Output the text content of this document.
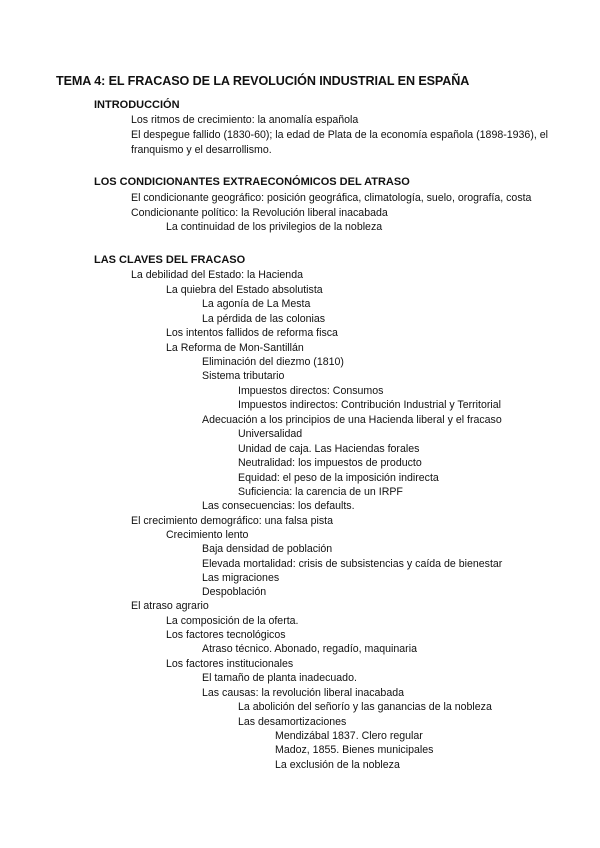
TEMA 4: EL FRACASO DE LA REVOLUCIÓN INDUSTRIAL EN ESPAÑA
INTRODUCCIÓN
Los ritmos de crecimiento: la anomalía española
El despegue fallido (1830-60); la edad de Plata de la economía española (1898-1936), el
franquismo y el desarrollismo.
LOS CONDICIONANTES EXTRAECONÓMICOS DEL ATRASO
El condicionante geográfico: posición geográfica, climatología, suelo, orografía, costa
Condicionante político: la Revolución liberal inacabada
La continuidad de los privilegios de la nobleza
LAS CLAVES DEL FRACASO
La debilidad del Estado: la Hacienda
La quiebra del Estado absolutista
La agonía de La Mesta
La pérdida de las colonias
Los intentos fallidos de reforma fisca
La Reforma de Mon-Santillán
Eliminación del diezmo (1810)
Sistema tributario
Impuestos directos: Consumos
Impuestos indirectos: Contribución Industrial y Territorial
Adecuación a los principios de una Hacienda liberal y el fracaso
Universalidad
Unidad de caja. Las Haciendas forales
Neutralidad: los impuestos de producto
Equidad: el peso de la imposición indirecta
Suficiencia: la carencia de un IRPF
Las consecuencias: los defaults.
El crecimiento demográfico: una falsa pista
Crecimiento lento
Baja densidad de población
Elevada mortalidad: crisis de subsistencias y caída de bienestar
Las migraciones
Despoblación
El atraso agrario
La composición de la oferta.
Los factores tecnológicos
Atraso técnico. Abonado, regadío, maquinaria
Los factores institucionales
El tamaño de planta inadecuado.
Las causas: la revolución liberal inacabada
La abolición del señorío y las ganancias de la nobleza
Las desamortizaciones
Mendizábal 1837. Clero regular
Madoz, 1855. Bienes municipales
La exclusión de la nobleza
